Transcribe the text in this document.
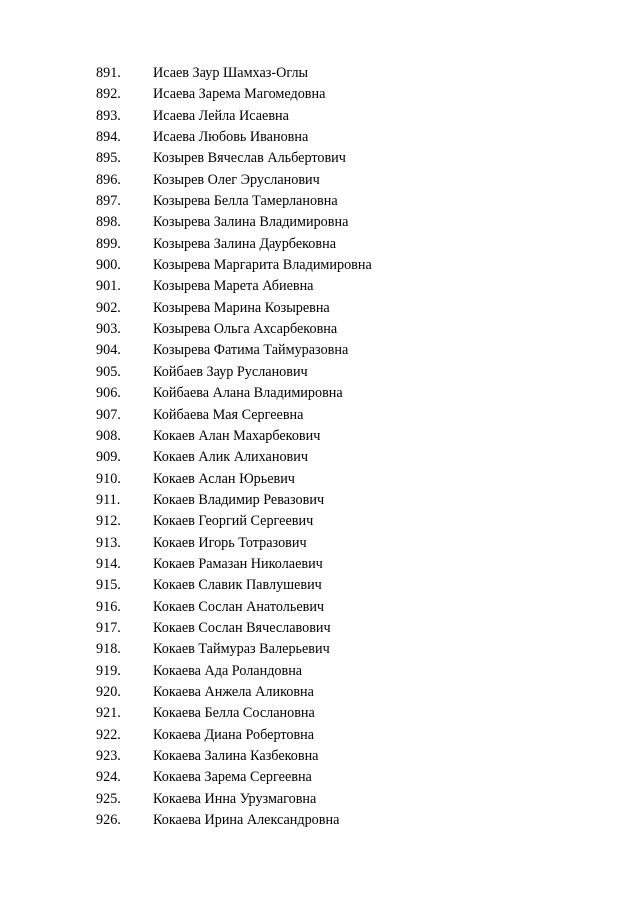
891.	Исаев Заур Шамхаз-Оглы
892.	Исаева Зарема Магомедовна
893.	Исаева Лейла Исаевна
894.	Исаева Любовь Ивановна
895.	Козырев Вячеслав Альбертович
896.	Козырев Олег Эрусланович
897.	Козырева Белла Тамерлановна
898.	Козырева Залина Владимировна
899.	Козырева Залина Даурбековна
900.	Козырева Маргарита Владимировна
901.	Козырева Марета Абиевна
902.	Козырева Марина Козыревна
903.	Козырева Ольга Ахсарбековна
904.	Козырева Фатима Таймуразовна
905.	Койбаев Заур Русланович
906.	Койбаева Алана Владимировна
907.	Койбаева Мая Сергеевна
908.	Кокаев Алан Махарбекович
909.	Кокаев Алик Алиханович
910.	Кокаев Аслан Юрьевич
911.	Кокаев Владимир Ревазович
912.	Кокаев Георгий Сергеевич
913.	Кокаев Игорь Тотразович
914.	Кокаев Рамазан Николаевич
915.	Кокаев Славик Павлушевич
916.	Кокаев Сослан Анатольевич
917.	Кокаев Сослан Вячеславович
918.	Кокаев Таймураз Валерьевич
919.	Кокаева Ада Роландовна
920.	Кокаева Анжела Аликовна
921.	Кокаева Белла Сослановна
922.	Кокаева Диана Робертовна
923.	Кокаева Залина Казбековна
924.	Кокаева Зарема Сергеевна
925.	Кокаева Инна Урузмаговна
926.	Кокаева Ирина Александровна
